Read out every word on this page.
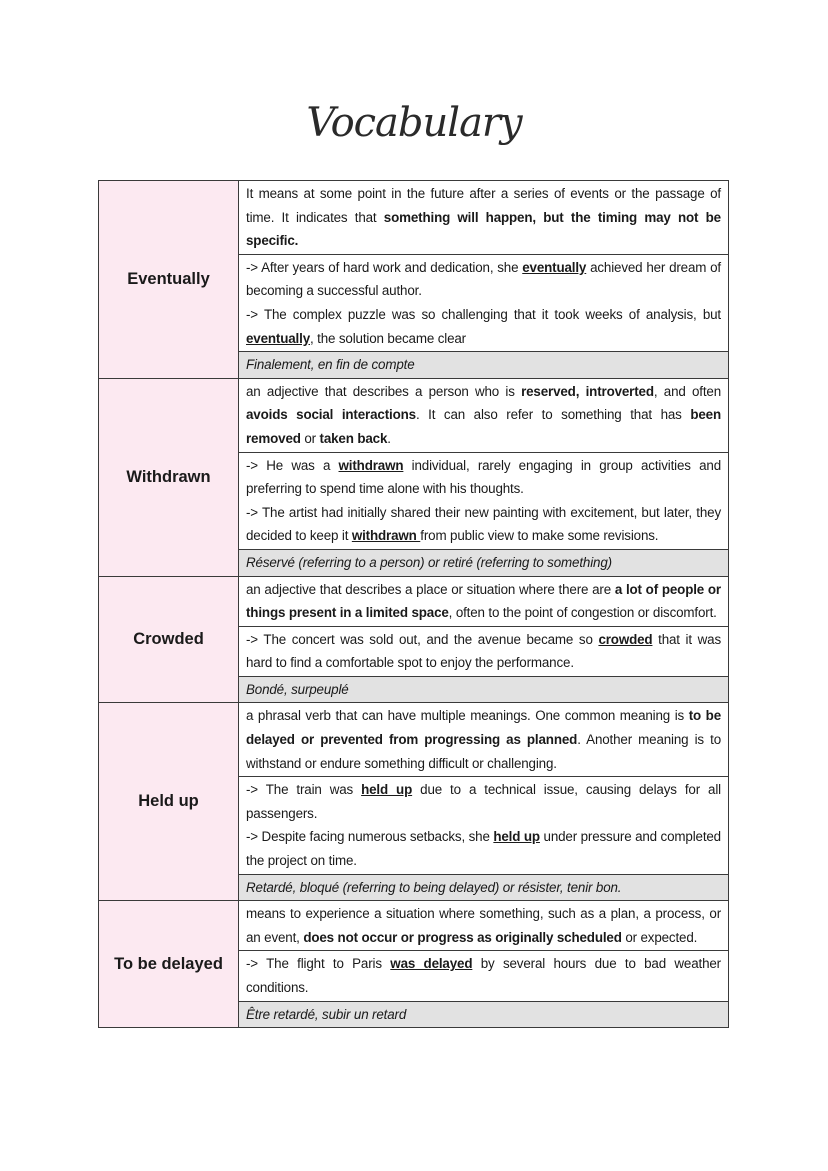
Vocabulary
Eventually	It means at some point in the future after a series of events or the passage of time. It indicates that something will happen, but the timing may not be specific.

	-> After years of hard work and dedication, she eventually achieved her dream of becoming a successful author.
-> The complex puzzle was so challenging that it took weeks of analysis, but eventually, the solution became clear

	Finalement, en fin de compte
Withdrawn	an adjective that describes a person who is reserved, introverted, and often avoids social interactions. It can also refer to something that has been removed or taken back.

	-> He was a withdrawn individual, rarely engaging in group activities and preferring to spend time alone with his thoughts.
-> The artist had initially shared their new painting with excitement, but later, they decided to keep it withdrawn from public view to make some revisions.

	Réservé (referring to a person) or retiré (referring to something)
Crowded	an adjective that describes a place or situation where there are a lot of people or things present in a limited space, often to the point of congestion or discomfort.

	-> The concert was sold out, and the avenue became so crowded that it was hard to find a comfortable spot to enjoy the performance.

	Bondé, surpeuplé
Held up	a phrasal verb that can have multiple meanings. One common meaning is to be delayed or prevented from progressing as planned. Another meaning is to withstand or endure something difficult or challenging.

	-> The train was held up due to a technical issue, causing delays for all passengers.
-> Despite facing numerous setbacks, she held up under pressure and completed the project on time.

	Retardé, bloqué (referring to being delayed) or résister, tenir bon.
To be delayed	means to experience a situation where something, such as a plan, a process, or an event, does not occur or progress as originally scheduled or expected.

	-> The flight to Paris was delayed by several hours due to bad weather conditions.

	Être retardé, subir un retard
